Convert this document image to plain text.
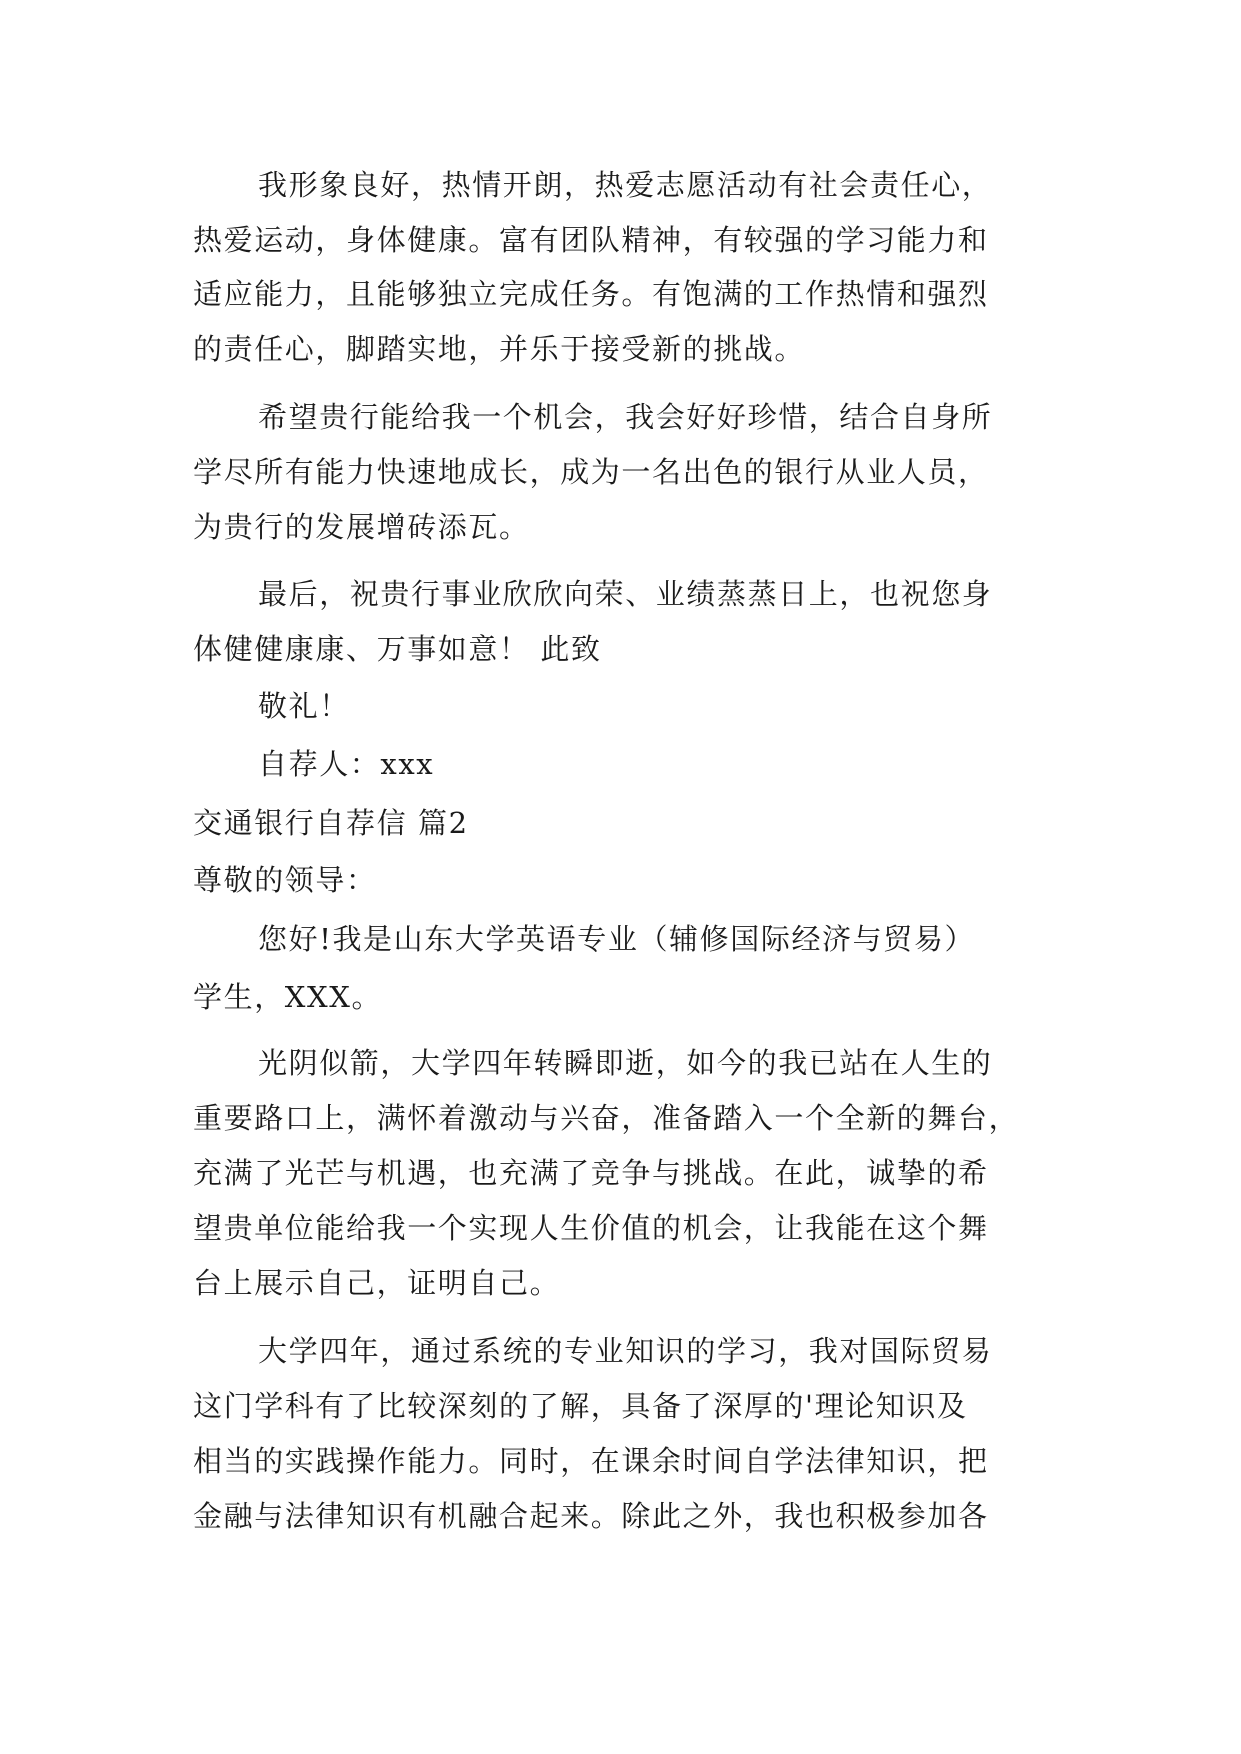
我形象良好，热情开朗，热爱志愿活动有社会责任心，
热爱运动，身体健康。富有团队精神，有较强的学习能力和
适应能力，且能够独立完成任务。有饱满的工作热情和强烈
的责任心，脚踏实地，并乐于接受新的挑战。
希望贵行能给我一个机会，我会好好珍惜，结合自身所
学尽所有能力快速地成长，成为一名出色的银行从业人员，
为贵行的发展增砖添瓦。
最后，祝贵行事业欣欣向荣、业绩蒸蒸日上，也祝您身
体健健康康、万事如意！ 此致
敬礼！
自荐人：xxx
交通银行自荐信 篇2
尊敬的领导：
您好!我是山东大学英语专业（辅修国际经济与贸易）
学生，XXX。
光阴似箭，大学四年转瞬即逝，如今的我已站在人生的
重要路口上，满怀着激动与兴奋，准备踏入一个全新的舞台，
充满了光芒与机遇，也充满了竞争与挑战。在此，诚挚的希
望贵单位能给我一个实现人生价值的机会，让我能在这个舞
台上展示自己，证明自己。
大学四年，通过系统的专业知识的学习，我对国际贸易
这门学科有了比较深刻的了解，具备了深厚的'理论知识及
相当的实践操作能力。同时，在课余时间自学法律知识，把
金融与法律知识有机融合起来。除此之外，我也积极参加各
